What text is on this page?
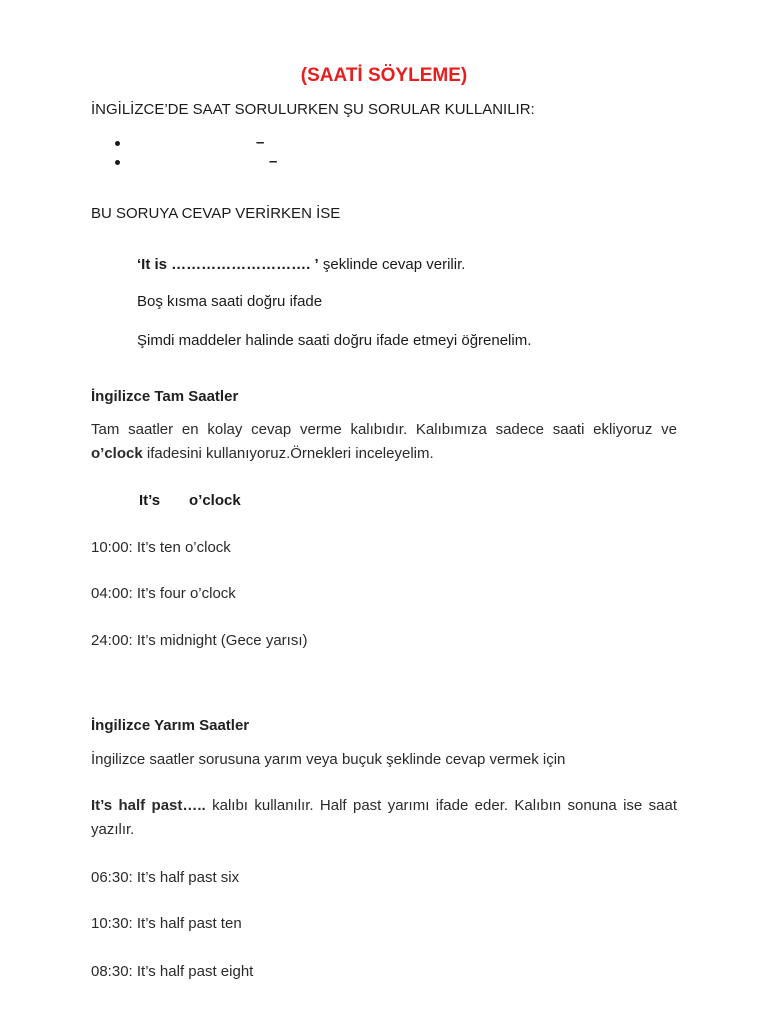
(SAATİ SÖYLEME)
İNGİLİZCE’DE SAAT SORULURKEN ŞU SORULAR KULLANILIR:
–
–
BU SORUYA CEVAP VERİRKEN İSE
‘It is ………………………. ’ şeklinde cevap verilir.
Boş kısma saati doğru ifade
Şimdi maddeler halinde saati doğru ifade etmeyi öğrenelim.
İngilizce Tam Saatler
Tam saatler en kolay cevap verme kalıbıdır. Kalıbımıza sadece saati ekliyoruz ve o’clock ifadesini kullanıyoruz.Örnekleri inceleyelim.
It’s o’clock
10:00: It’s ten o’clock
04:00: It’s four o’clock
24:00: It’s midnight (Gece yarısı)
İngilizce Yarım Saatler
İngilizce saatler sorusuna yarım veya buçuk şeklinde cevap vermek için
It’s half past….. kalıbı kullanılır. Half past yarımı ifade eder. Kalıbın sonuna ise saat yazılır.
06:30: It’s half past six
10:30: It’s half past ten
08:30: It’s half past eight
